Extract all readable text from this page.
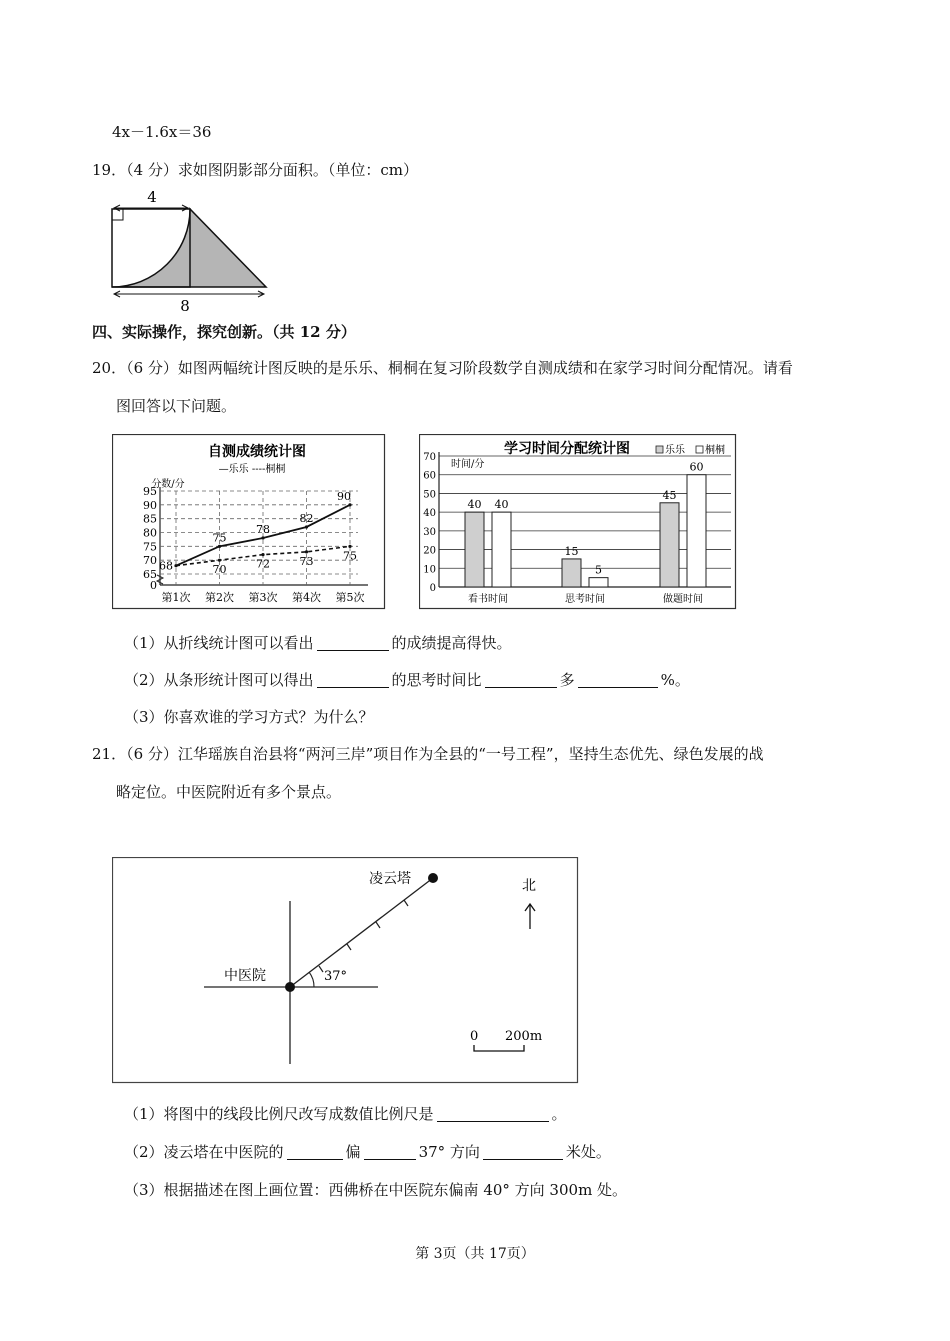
4x－1.6x＝36
19．（4 分）求如图阴影部分面积。（单位：cm）
4
8
四、实际操作，探究创新。（共 12 分）
20．（6 分）如图两幅统计图反映的是乐乐、桐桐在复习阶段数学自测成绩和在家学习时间分配情况。请看
图回答以下问题。
自测成绩统计图
—乐乐 ----桐桐
分数/分
95
90
85
80
75
70
65
0
第1次 第2次 第3次 第4次 第5次
68
75
78
82
90
70	72	73	75
学习时间分配统计图	乐乐 桐桐
时间/分
70
60
50
40
30
20
10
0
40 40
看书时间
15
5
思考时间
45
60
做题时间
（1）从折线统计图可以看出	的成绩提高得快。
（2）从条形统计图可以得出	的思考时间比	多	%。
（3）你喜欢谁的学习方式？为什么？
21．（6 分）江华瑶族自治县将“两河三岸”项目作为全县的“一号工程”，坚持生态优先、绿色发展的战
略定位。中医院附近有多个景点。
凌云塔
中医院	37°
北
0 200m
（1）将图中的线段比例尺改写成数值比例尺是	。
（2）凌云塔在中医院的	偏	37° 方向	米处。
（3）根据描述在图上画位置：西佛桥在中医院东偏南 40° 方向 300m 处。
第 3页（共 17页）
